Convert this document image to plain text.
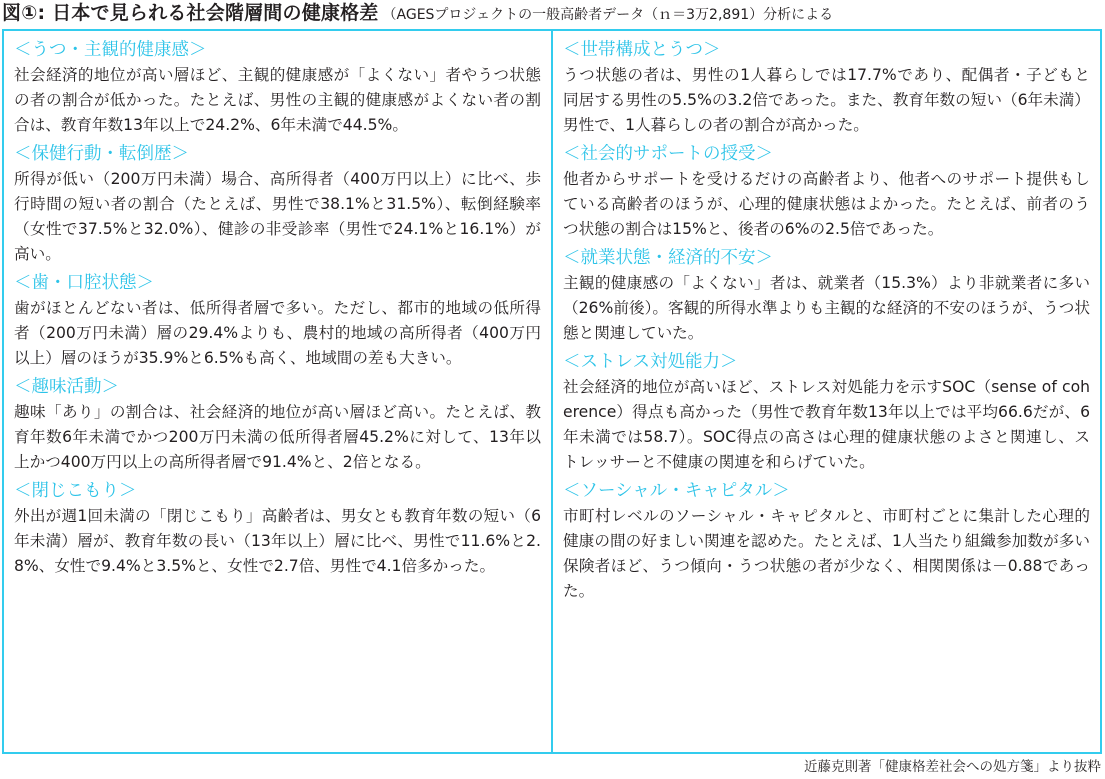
図①: 日本で見られる社会階層間の健康格差 （AGESプロジェクトの一般高齢者データ（ｎ＝3万2,891）分析による
＜うつ・主観的健康感＞

社会経済的地位が高い層ほど、主観的健康感が「よくない」者やうつ状態の者の割合が低かった。たとえば、男性の主観的健康感がよくない者の割合は、教育年数13年以上で24.2%、6年未満で44.5%。

＜保健行動・転倒歴＞

所得が低い（200万円未満）場合、高所得者（400万円以上）に比べ、歩行時間の短い者の割合（たとえば、男性で38.1%と31.5%）、転倒経験率（女性で37.5%と32.0%）、健診の非受診率（男性で24.1%と16.1%）が高い。

＜歯・口腔状態＞

歯がほとんどない者は、低所得者層で多い。ただし、都市的地域の低所得者（200万円未満）層の29.4%よりも、農村的地域の高所得者（400万円以上）層のほうが35.9%と6.5%も高く、地域間の差も大きい。

＜趣味活動＞

趣味「あり」の割合は、社会経済的地位が高い層ほど高い。たとえば、教育年数6年未満でかつ200万円未満の低所得者層45.2%に対して、13年以上かつ400万円以上の高所得者層で91.4%と、2倍となる。

＜閉じこもり＞

外出が週1回未満の「閉じこもり」高齢者は、男女とも教育年数の短い（6年未満）層が、教育年数の長い（13年以上）層に比べ、男性で11.6%と2.8%、女性で9.4%と3.5%と、女性で2.7倍、男性で4.1倍多かった。

＜世帯構成とうつ＞

うつ状態の者は、男性の1人暮らしでは17.7%であり、配偶者・子どもと同居する男性の5.5%の3.2倍であった。また、教育年数の短い（6年未満）男性で、1人暮らしの者の割合が高かった。

＜社会的サポートの授受＞

他者からサポートを受けるだけの高齢者より、他者へのサポート提供もしている高齢者のほうが、心理的健康状態はよかった。たとえば、前者のうつ状態の割合は15%と、後者の6%の2.5倍であった。

＜就業状態・経済的不安＞

主観的健康感の「よくない」者は、就業者（15.3%）より非就業者に多い（26%前後）。客観的所得水準よりも主観的な経済的不安のほうが、うつ状態と関連していた。

＜ストレス対処能力＞

社会経済的地位が高いほど、ストレス対処能力を示すSOC（sense of coherence）得点も高かった（男性で教育年数13年以上では平均66.6だが、6年未満では58.7）。SOC得点の高さは心理的健康状態のよさと関連し、ストレッサーと不健康の関連を和らげていた。

＜ソーシャル・キャピタル＞

市町村レベルのソーシャル・キャピタルと、市町村ごとに集計した心理的健康の間の好ましい関連を認めた。たとえば、1人当たり組織参加数が多い保険者ほど、うつ傾向・うつ状態の者が少なく、相関関係は－0.88であった。

近藤克則著「健康格差社会への処方箋」より抜粋
